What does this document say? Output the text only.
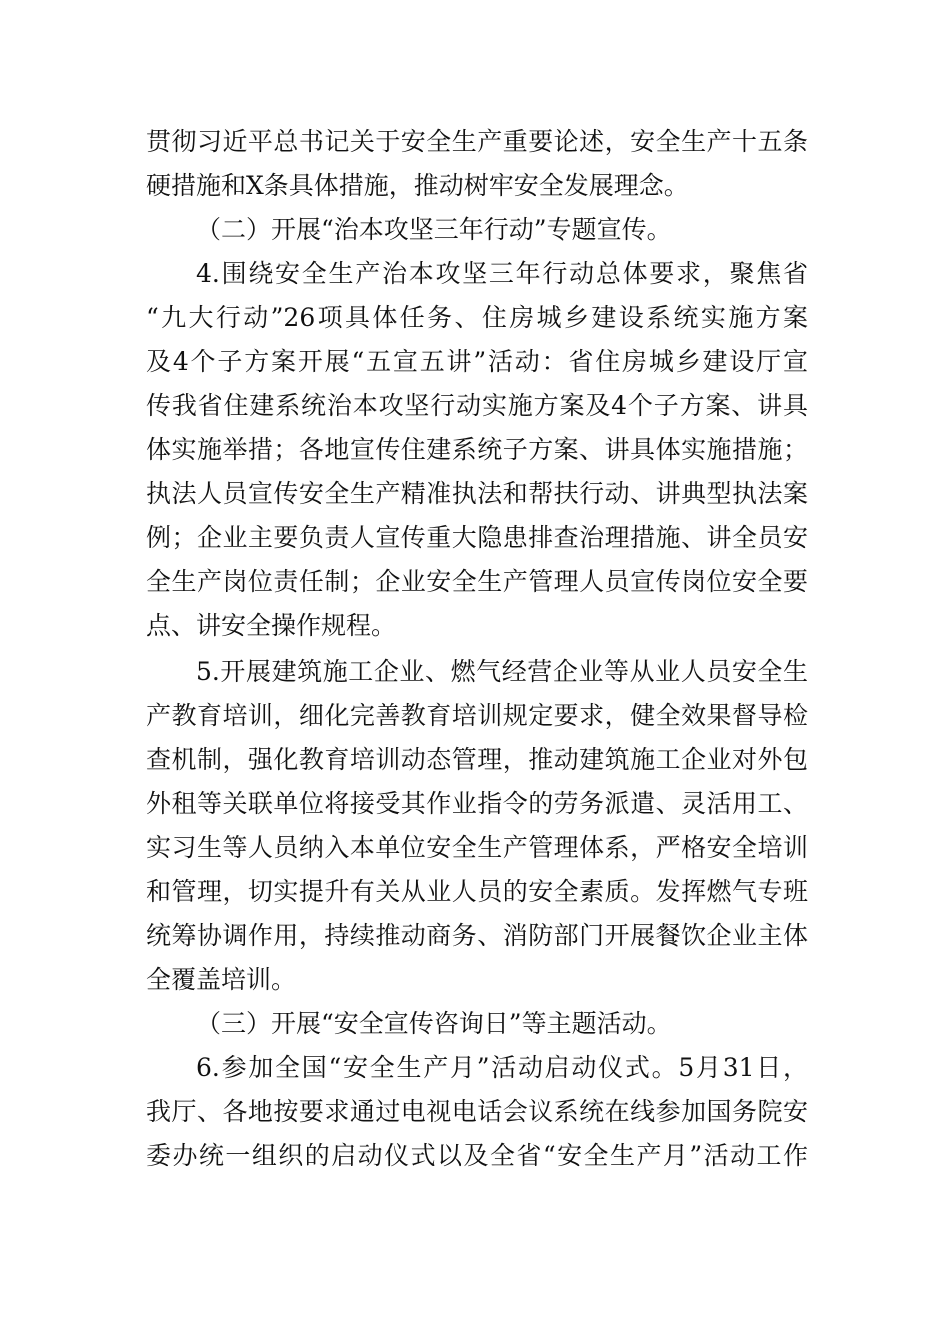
贯彻习近平总书记关于安全生产重要论述，安全生产十五条
硬措施和X条具体措施，推动树牢安全发展理念。
（二）开展“治本攻坚三年行动”专题宣传。
4.围绕安全生产治本攻坚三年行动总体要求，聚焦省
“九大行动”26项具体任务、住房城乡建设系统实施方案
及4个子方案开展“五宣五讲”活动：省住房城乡建设厅宣
传我省住建系统治本攻坚行动实施方案及4个子方案、讲具
体实施举措；各地宣传住建系统子方案、讲具体实施措施；
执法人员宣传安全生产精准执法和帮扶行动、讲典型执法案
例；企业主要负责人宣传重大隐患排查治理措施、讲全员安
全生产岗位责任制；企业安全生产管理人员宣传岗位安全要
点、讲安全操作规程。
5.开展建筑施工企业、燃气经营企业等从业人员安全生
产教育培训，细化完善教育培训规定要求，健全效果督导检
查机制，强化教育培训动态管理，推动建筑施工企业对外包
外租等关联单位将接受其作业指令的劳务派遣、灵活用工、
实习生等人员纳入本单位安全生产管理体系，严格安全培训
和管理，切实提升有关从业人员的安全素质。发挥燃气专班
统筹协调作用，持续推动商务、消防部门开展餐饮企业主体
全覆盖培训。
（三）开展“安全宣传咨询日”等主题活动。
6.参加全国“安全生产月”活动启动仪式。5月31日，
我厅、各地按要求通过电视电话会议系统在线参加国务院安
委办统一组织的启动仪式以及全省“安全生产月”活动工作
